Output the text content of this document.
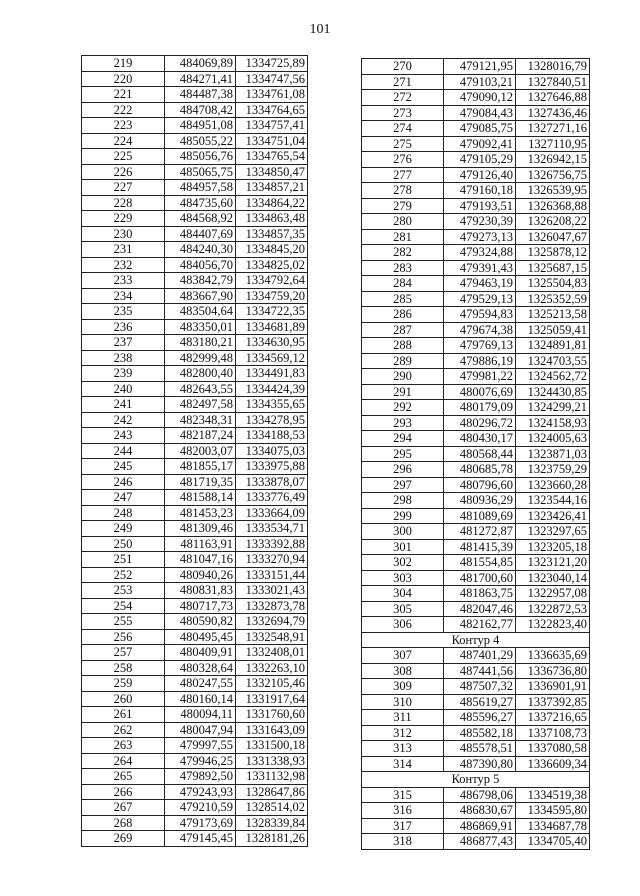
101
219	484069,89	1334725,89
220	484271,41	1334747,56
221	484487,38	1334761,08
222	484708,42	1334764,65
223	484951,08	1334757,41
224	485055,22	1334751,04
225	485056,76	1334765,54
226	485065,75	1334850,47
227	484957,58	1334857,21
228	484735,60	1334864,22
229	484568,92	1334863,48
230	484407,69	1334857,35
231	484240,30	1334845,20
232	484056,70	1334825,02
233	483842,79	1334792,64
234	483667,90	1334759,20
235	483504,64	1334722,35
236	483350,01	1334681,89
237	483180,21	1334630,95
238	482999,48	1334569,12
239	482800,40	1334491,83
240	482643,55	1334424,39
241	482497,58	1334355,65
242	482348,31	1334278,95
243	482187,24	1334188,53
244	482003,07	1334075,03
245	481855,17	1333975,88
246	481719,35	1333878,07
247	481588,14	1333776,49
248	481453,23	1333664,09
249	481309,46	1333534,71
250	481163,91	1333392,88
251	481047,16	1333270,94
252	480940,26	1333151,44
253	480831,83	1333021,43
254	480717,73	1332873,78
255	480590,82	1332694,79
256	480495,45	1332548,91
257	480409,91	1332408,01
258	480328,64	1332263,10
259	480247,55	1332105,46
260	480160,14	1331917,64
261	480094,11	1331760,60
262	480047,94	1331643,09
263	479997,55	1331500,18
264	479946,25	1331338,93
265	479892,50	1331132,98
266	479243,93	1328647,86
267	479210,59	1328514,02
268	479173,69	1328339,84
269	479145,45	1328181,26
270	479121,95	1328016,79
271	479103,21	1327840,51
272	479090,12	1327646,88
273	479084,43	1327436,46
274	479085,75	1327271,16
275	479092,41	1327110,95
276	479105,29	1326942,15
277	479126,40	1326756,75
278	479160,18	1326539,95
279	479193,51	1326368,88
280	479230,39	1326208,22
281	479273,13	1326047,67
282	479324,88	1325878,12
283	479391,43	1325687,15
284	479463,19	1325504,83
285	479529,13	1325352,59
286	479594,83	1325213,58
287	479674,38	1325059,41
288	479769,13	1324891,81
289	479886,19	1324703,55
290	479981,22	1324562,72
291	480076,69	1324430,85
292	480179,09	1324299,21
293	480296,72	1324158,93
294	480430,17	1324005,63
295	480568,44	1323871,03
296	480685,78	1323759,29
297	480796,60	1323660,28
298	480936,29	1323544,16
299	481089,69	1323426,41
300	481272,87	1323297,65
301	481415,39	1323205,18
302	481554,85	1323121,20
303	481700,60	1323040,14
304	481863,75	1322957,08
305	482047,46	1322872,53
306	482162,77	1322823,40
Контур 4		
307	487401,29	1336635,69
308	487441,56	1336736,80
309	487507,32	1336901,91
310	485619,27	1337392,85
311	485596,27	1337216,65
312	485582,18	1337108,73
313	485578,51	1337080,58
314	487390,80	1336609,34
Контур 5		
315	486798,06	1334519,38
316	486830,67	1334595,80
317	486869,91	1334687,78
318	486877,43	1334705,40
